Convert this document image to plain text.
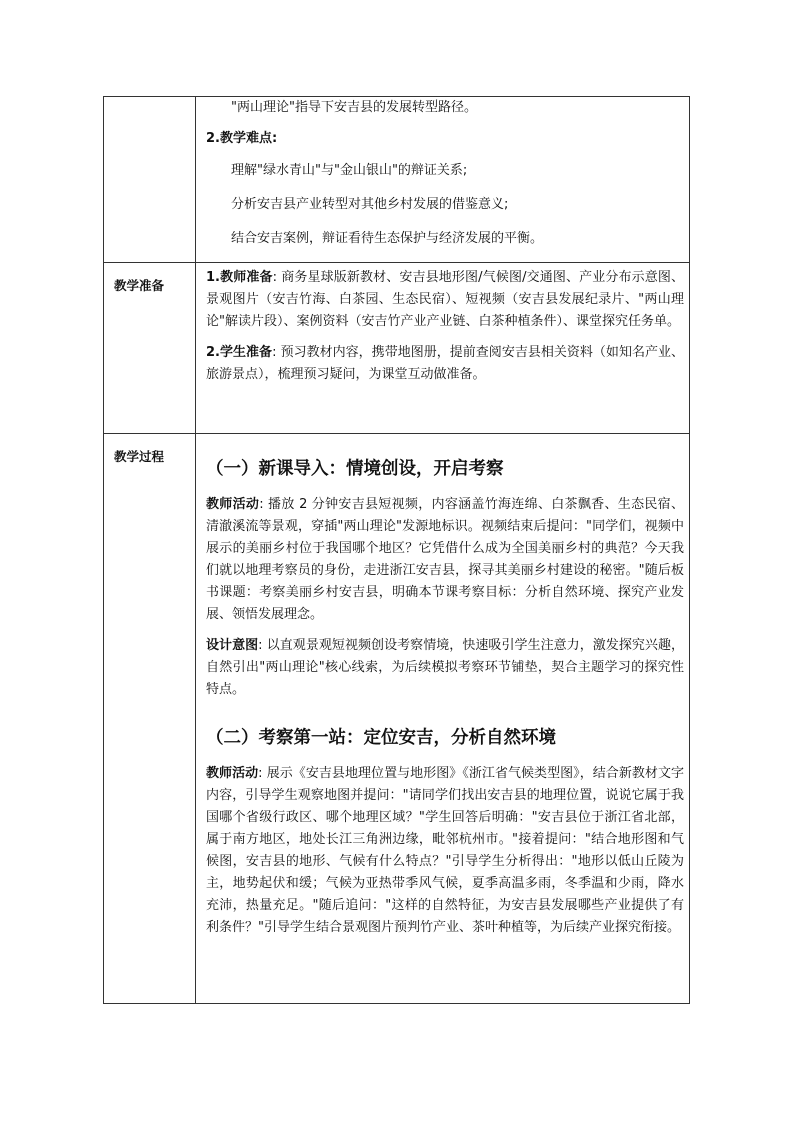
	"两山理论"指导下安吉县的发展转型路径。

2.教学难点:

理解"绿水青山"与"金山银山"的辩证关系;

分析安吉县产业转型对其他乡村发展的借鉴意义;

结合安吉案例，辩证看待生态保护与经济发展的平衡。

教学准备	1.教师准备: 商务星球版新教材、安吉县地形图/气候图/交通图、产业分布示意图、景观图片（安吉竹海、白茶园、生态民宿）、短视频（安吉县发展纪录片、"两山理论"解读片段）、案例资料（安吉竹产业产业链、白茶种植条件）、课堂探究任务单。

2.学生准备: 预习教材内容，携带地图册，提前查阅安吉县相关资料（如知名产业、旅游景点），梳理预习疑问，为课堂互动做准备。

教学过程	（一）新课导入：情境创设，开启考察

教师活动: 播放 2 分钟安吉县短视频，内容涵盖竹海连绵、白茶飘香、生态民宿、清澈溪流等景观，穿插"两山理论"发源地标识。视频结束后提问："同学们，视频中展示的美丽乡村位于我国哪个地区？它凭借什么成为全国美丽乡村的典范？今天我们就以地理考察员的身份，走进浙江安吉县，探寻其美丽乡村建设的秘密。"随后板书课题：考察美丽乡村安吉县，明确本节课考察目标：分析自然环境、探究产业发展、领悟发展理念。

设计意图: 以直观景观短视频创设考察情境，快速吸引学生注意力，激发探究兴趣，自然引出"两山理论"核心线索，为后续模拟考察环节铺垫，契合主题学习的探究性特点。

（二）考察第一站：定位安吉，分析自然环境

教师活动: 展示《安吉县地理位置与地形图》《浙江省气候类型图》，结合新教材文字内容，引导学生观察地图并提问："请同学们找出安吉县的地理位置，说说它属于我国哪个省级行政区、哪个地理区域？"学生回答后明确："安吉县位于浙江省北部，属于南方地区，地处长江三角洲边缘，毗邻杭州市。"接着提问："结合地形图和气候图，安吉县的地形、气候有什么特点？"引导学生分析得出："地形以低山丘陵为主，地势起伏和缓；气候为亚热带季风气候，夏季高温多雨，冬季温和少雨，降水充沛，热量充足。"随后追问："这样的自然特征，为安吉县发展哪些产业提供了有利条件？"引导学生结合景观图片预判竹产业、茶叶种植等，为后续产业探究衔接。
